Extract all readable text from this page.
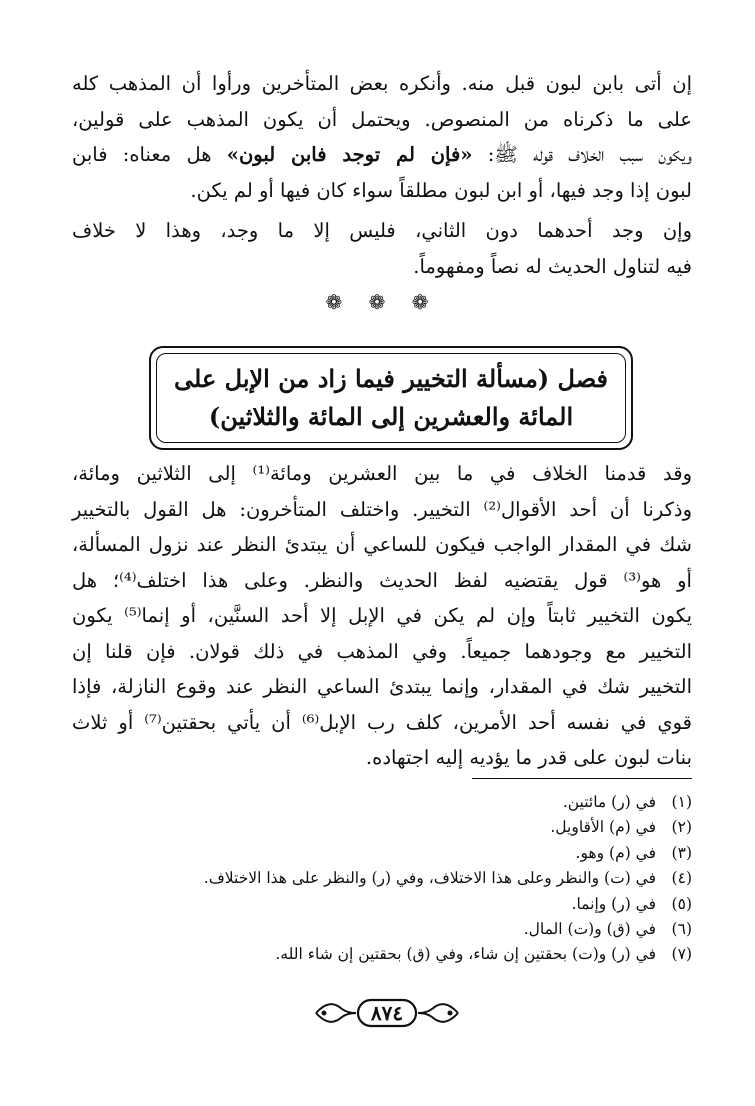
إن أتى بابن لبون قبل منه. وأنكره بعض المتأخرين ورأوا أن المذهب كله
على ما ذكرناه من المنصوص. ويحتمل أن يكون المذهب على قولين،
ويكون سبب الخلاف قوله ﷺ: «فإن لم توجد فابن لبون» هل معناه: فابن
لبون إذا وجد فيها، أو ابن لبون مطلقاً سواء كان فيها أو لم يكن.
وإن وجد أحدهما دون الثاني، فليس إلا ما وجد، وهذا لا خلاف
فيه لتناول الحديث له نصاً ومفهوماً.
❁ ❁ ❁
فصل (مسألة التخيير فيما زاد من الإبل على
المائة والعشرين إلى المائة والثلاثين)
وقد قدمنا الخلاف في ما بين العشرين ومائة⁽¹⁾ إلى الثلاثين ومائة،
وذكرنا أن أحد الأقوال⁽²⁾ التخيير. واختلف المتأخرون: هل القول بالتخيير
شك في المقدار الواجب فيكون للساعي أن يبتدئ النظر عند نزول المسألة،
أو هو⁽³⁾ قول يقتضيه لفظ الحديث والنظر. وعلى هذا اختلف⁽⁴⁾؛ هل
يكون التخيير ثابتاً وإن لم يكن في الإبل إلا أحد السنَّين، أو إنما⁽⁵⁾ يكون
التخيير مع وجودهما جميعاً. وفي المذهب في ذلك قولان. فإن قلنا إن
التخيير شك في المقدار، وإنما يبتدئ الساعي النظر عند وقوع النازلة، فإذا
قوي في نفسه أحد الأمرين، كلف رب الإبل⁽⁶⁾ أن يأتي بحقتين⁽⁷⁾ أو ثلاث
بنات لبون على قدر ما يؤديه إليه اجتهاده.
(١)في (ر) مائتين.
(٢)في (م) الأقاويل.
(٣)في (م) وهو.
(٤)في (ت) والنظر وعلى هذا الاختلاف، وفي (ر) والنظر على هذا الاختلاف.
(٥)في (ر) وإنما.
(٦)في (ق) و(ت) المال.
(٧)في (ر) و(ت) بحقتين إن شاء، وفي (ق) بحقتين إن شاء الله.
٨٧٤
